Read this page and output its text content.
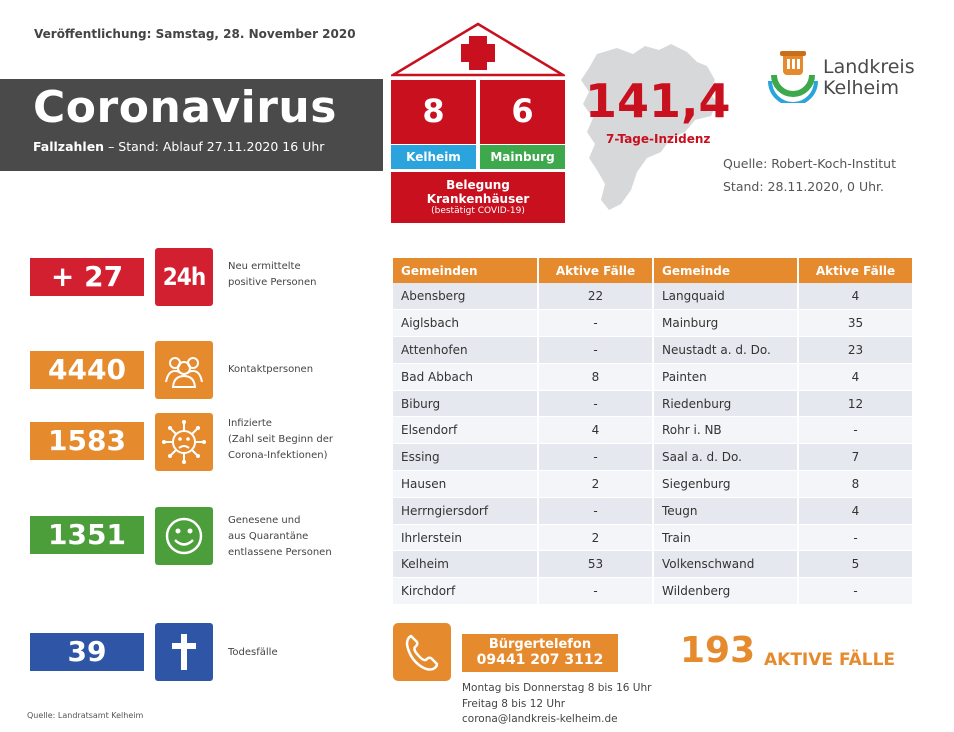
Veröffentlichung: Samstag, 28. November 2020
Coronavirus
Fallzahlen – Stand: Ablauf 27.11.2020 16 Uhr
8	6
Kelheim	Mainburg
Belegung
Krankenhäuser
(bestätigt COVID-19)
141,4
7-Tage-Inzidenz
Quelle: Robert-Koch-Institut
Stand: 28.11.2020, 0 Uhr.
Landkreis
Kelheim
+ 27	24h Neu ermittelte
positive Personen
4440	Kontaktpersonen
1583
Infizierte
(Zahl seit Beginn der
Corona-Infektionen)
1351	Genesene und
aus Quarantäne
entlassene Personen
39	Todesfälle
Gemeinden	Aktive Fälle	Gemeinde	Aktive Fälle
Abensberg	22	Langquaid	4
Aiglsbach	-	Mainburg	35
Attenhofen	-	Neustadt a. d. Do.	23
Bad Abbach	8	Painten	4
Biburg	-	Riedenburg	12
Elsendorf	4	Rohr i. NB	-
Essing	-	Saal a. d. Do.	7
Hausen	2	Siegenburg	8
Herrngiersdorf	-	Teugn	4
Ihrlerstein	2	Train	-
Kelheim	53	Volkenschwand	5
Kirchdorf	-	Wildenberg	-
Bürgertelefon
09441 207 3112
Montag bis Donnerstag 8 bis 16 Uhr
Freitag 8 bis 12 Uhr
corona@landkreis-kelheim.de
193 AKTIVE FÄLLE
Quelle: Landratsamt Kelheim
